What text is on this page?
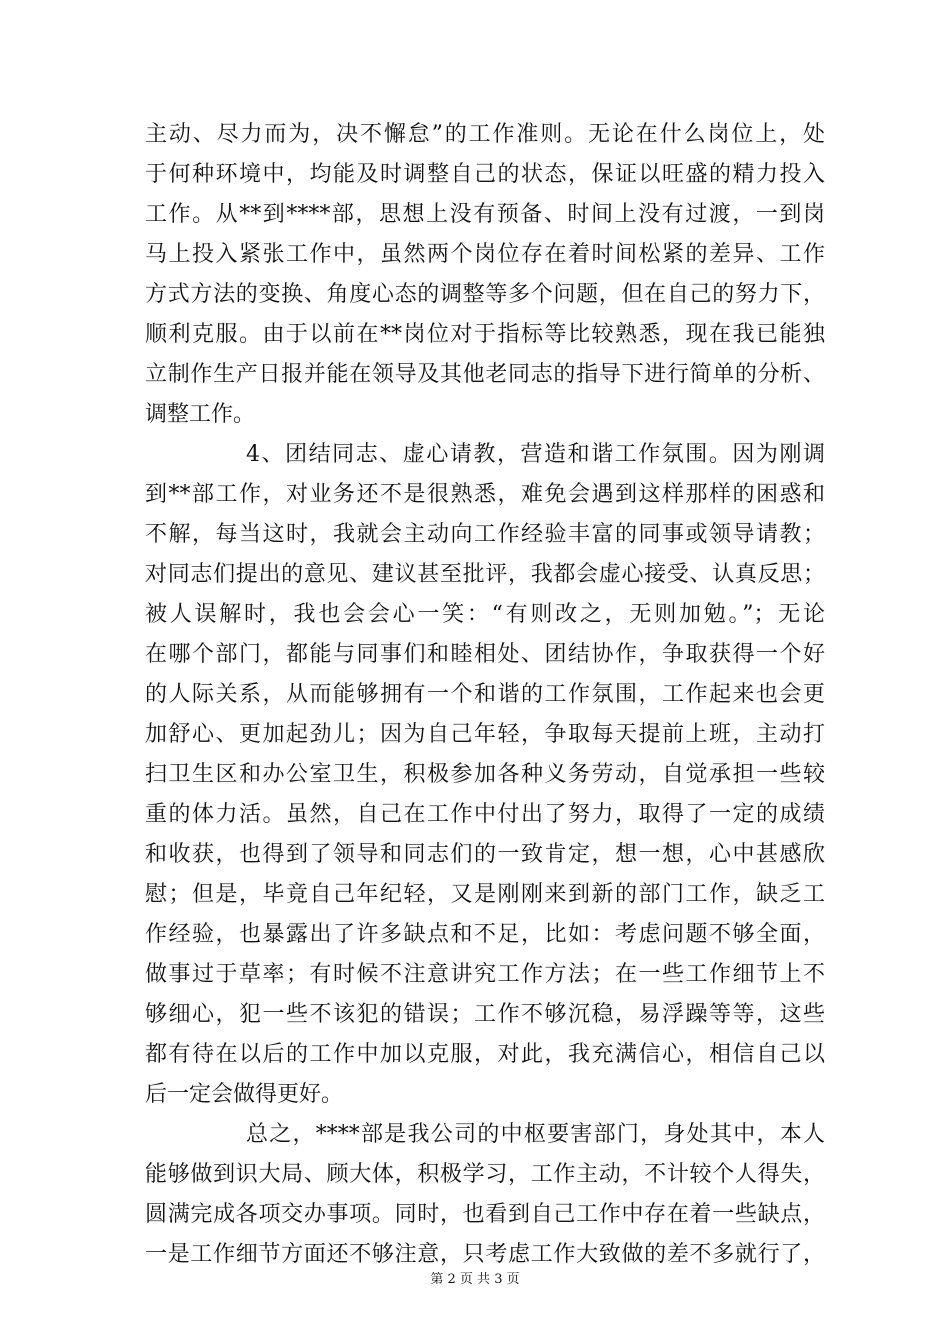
主动、尽力而为，决不懈怠”的工作准则。无论在什么岗位上，处
于何种环境中，均能及时调整自己的状态，保证以旺盛的精力投入
工作。从**到****部，思想上没有预备、时间上没有过渡，一到岗
马上投入紧张工作中，虽然两个岗位存在着时间松紧的差异、工作
方式方法的变换、角度心态的调整等多个问题，但在自己的努力下，
顺利克服。由于以前在**岗位对于指标等比较熟悉，现在我已能独
立制作生产日报并能在领导及其他老同志的指导下进行简单的分析、
调整工作。
4、团结同志、虚心请教，营造和谐工作氛围。因为刚调
到**部工作，对业务还不是很熟悉，难免会遇到这样那样的困惑和
不解，每当这时，我就会主动向工作经验丰富的同事或领导请教；
对同志们提出的意见、建议甚至批评，我都会虚心接受、认真反思；
被人误解时，我也会会心一笑：“有则改之，无则加勉。”；无论
在哪个部门，都能与同事们和睦相处、团结协作，争取获得一个好
的人际关系，从而能够拥有一个和谐的工作氛围，工作起来也会更
加舒心、更加起劲儿；因为自己年轻，争取每天提前上班，主动打
扫卫生区和办公室卫生，积极参加各种义务劳动，自觉承担一些较
重的体力活。虽然，自己在工作中付出了努力，取得了一定的成绩
和收获，也得到了领导和同志们的一致肯定，想一想，心中甚感欣
慰；但是，毕竟自己年纪轻，又是刚刚来到新的部门工作，缺乏工
作经验，也暴露出了许多缺点和不足，比如：考虑问题不够全面，
做事过于草率；有时候不注意讲究工作方法；在一些工作细节上不
够细心，犯一些不该犯的错误；工作不够沉稳，易浮躁等等，这些
都有待在以后的工作中加以克服，对此，我充满信心，相信自己以
后一定会做得更好。
总之，****部是我公司的中枢要害部门，身处其中，本人
能够做到识大局、顾大体，积极学习，工作主动，不计较个人得失，
圆满完成各项交办事项。同时，也看到自己工作中存在着一些缺点，
一是工作细节方面还不够注意，只考虑工作大致做的差不多就行了，
第 2 页 共 3 页
